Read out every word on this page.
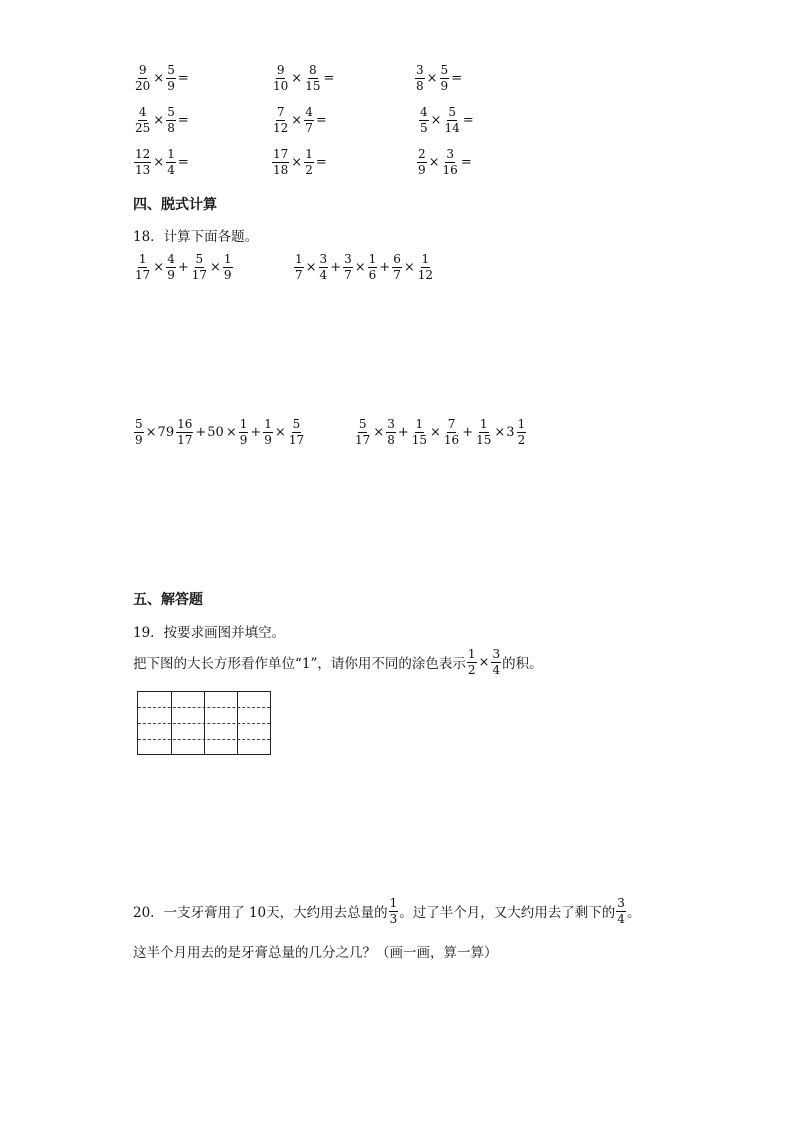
$\frac{9}{20} \times \frac{5}{9}$ =	$\frac{9}{10} \times \frac{8}{15}$ =	$\frac{3}{8} \times \frac{5}{9}$ =
$\frac{4}{25} \times \frac{5}{8}$ =	$\frac{7}{12} \times \frac{4}{7}$ =	$\frac{4}{5} \times \frac{5}{14}$ =
$\frac{12}{13} \times \frac{1}{4}$ =	$\frac{17}{18} \times \frac{1}{2}$ =	$\frac{2}{9} \times \frac{3}{16}$ =
四、脱式计算
18．计算下面各题。
$\frac{1}{17} \times \frac{4}{9} + \frac{5}{17} \times \frac{1}{9}$	$\frac{1}{7} \times \frac{3}{4} + \frac{3}{7} \times \frac{1}{6} + \frac{6}{7} \times \frac{1}{12}$
$\frac{5}{9} \times 79 \frac{16}{17} + 50 \times \frac{1}{9} + \frac{1}{9} \times \frac{5}{17}$	$\frac{5}{17} \times \frac{3}{8} + \frac{1}{15} \times \frac{7}{16} + \frac{1}{15} \times 3 \frac{1}{2}$
五、解答题
19．按要求画图并填空。
把下图的大长方形看作单位“1”，请你用不同的涂色表示 $\frac{1}{2} \times \frac{3}{4}$ 的积。
20．一支牙膏用了 10天，大约用去总量的 $\frac{1}{3}$ 。过了半个月，又大约用去了剩下的 $\frac{3}{4}$ 。
这半个月用去的是牙膏总量的几分之几？（画一画，算一算）
